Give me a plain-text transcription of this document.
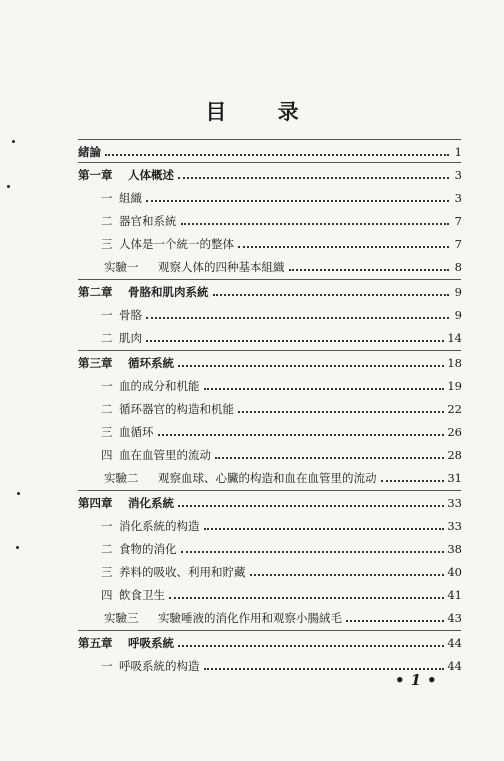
目 录
緒論	1
第一章 人体概述	3
一 組織	3
二 器官和系統	7
三 人体是一个統一的整体	7
实驗一 观察人体的四种基本組織	8
第二章 骨胳和肌肉系統	9
一 骨胳	9
二 肌肉	14
第三章 循环系統	18
一 血的成分和机能	19
二 循环器官的构造和机能	22
三 血循环	26
四 血在血管里的流动	28
实驗二 观察血球、心臟的构造和血在血管里的流动	31
第四章 消化系統	33
一 消化系統的构造	33
二 食物的消化	38
三 养料的吸收、利用和貯藏	40
四 飲食卫生	41
实驗三 实驗唾液的消化作用和观察小腸絨毛	43
第五章 呼吸系統	44
一 呼吸系統的构造	44
•1•
